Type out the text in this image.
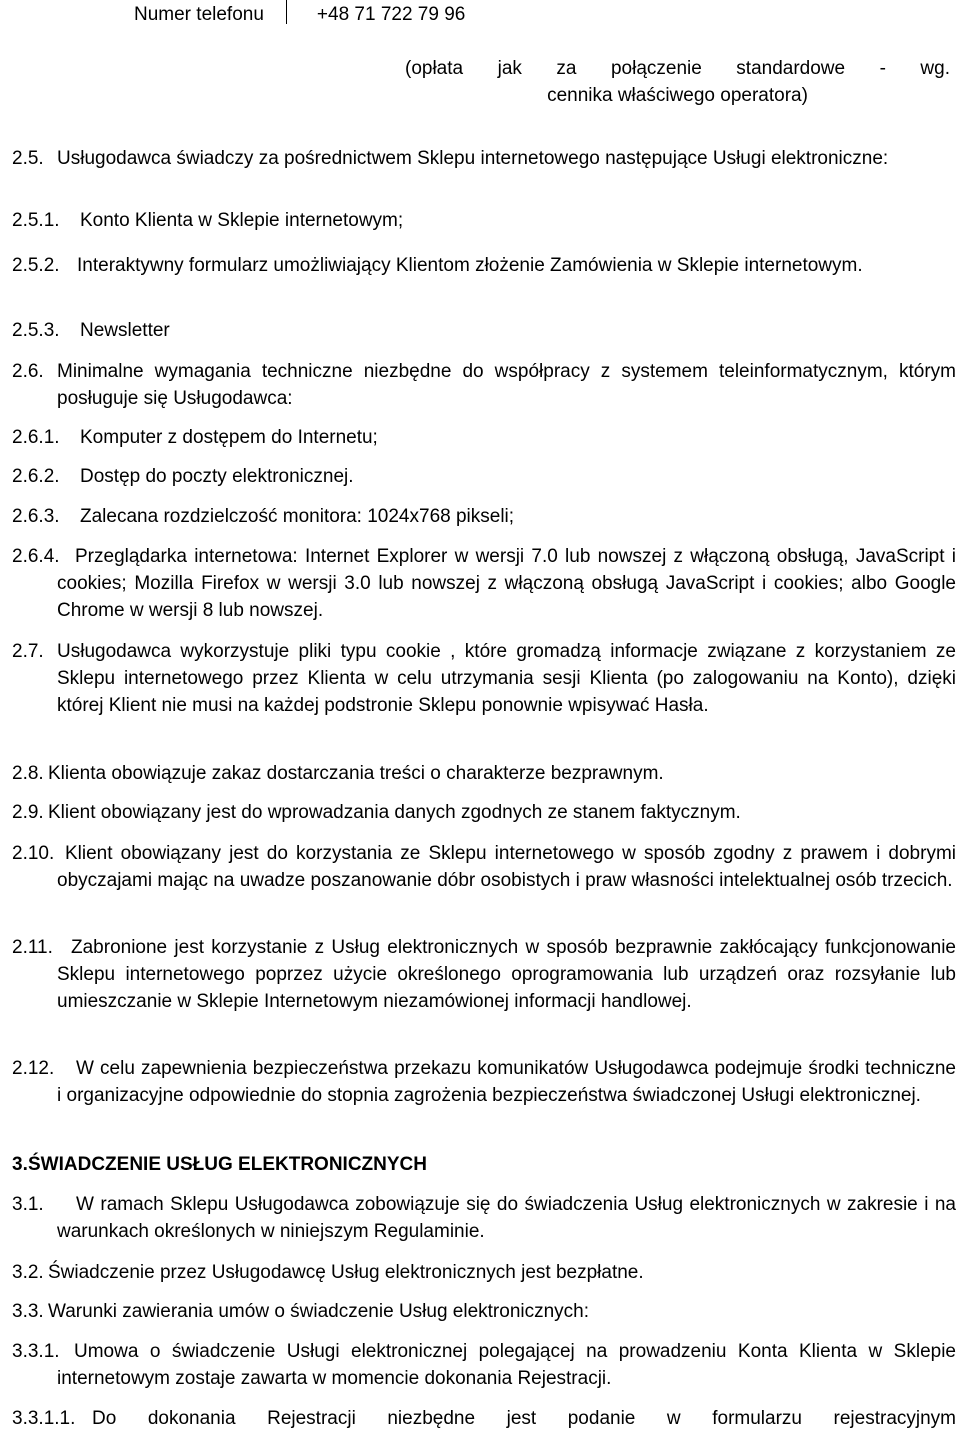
Numer telefonu	+48 71 722 79 96
(opłata jak za połączenie standardowe - wg.
cennika właściwego operatora)
2.5. Usługodawca świadczy za pośrednictwem Sklepu internetowego następujące Usługi elektroniczne:
2.5.1. Konto Klienta w Sklepie internetowym;
2.5.2. Interaktywny formularz umożliwiający Klientom złożenie Zamówienia w Sklepie internetowym.
2.5.3. Newsletter
2.6. Minimalne wymagania techniczne niezbędne do współpracy z systemem teleinformatycznym, którym posługuje się Usługodawca:
2.6.1. Komputer z dostępem do Internetu;
2.6.2. Dostęp do poczty elektronicznej.
2.6.3. Zalecana rozdzielczość monitora: 1024x768 pikseli;
2.6.4. Przeglądarka internetowa: Internet Explorer w wersji 7.0 lub nowszej z włączoną obsługą, JavaScript i cookies; Mozilla Firefox w wersji 3.0 lub nowszej z włączoną obsługą JavaScript i cookies; albo Google Chrome w wersji 8 lub nowszej.
2.7. Usługodawca wykorzystuje pliki typu cookie , które gromadzą informacje związane z korzystaniem ze Sklepu internetowego przez Klienta w celu utrzymania sesji Klienta (po zalogowaniu na Konto), dzięki której Klient nie musi na każdej podstronie Sklepu ponownie wpisywać Hasła.
2.8. Klienta obowiązuje zakaz dostarczania treści o charakterze bezprawnym.
2.9. Klient obowiązany jest do wprowadzania danych zgodnych ze stanem faktycznym.
2.10. Klient obowiązany jest do korzystania ze Sklepu internetowego w sposób zgodny z prawem i dobrymi obyczajami mając na uwadze poszanowanie dóbr osobistych i praw własności intelektualnej osób trzecich.
2.11. Zabronione jest korzystanie z Usług elektronicznych w sposób bezprawnie zakłócający funkcjonowanie Sklepu internetowego poprzez użycie określonego oprogramowania lub urządzeń oraz rozsyłanie lub umieszczanie w Sklepie Internetowym niezamówionej informacji handlowej.
2.12.	W celu zapewnienia bezpieczeństwa przekazu komunikatów Usługodawca podejmuje środki techniczne i organizacyjne odpowiednie do stopnia zagrożenia bezpieczeństwa świadczonej Usługi elektronicznej.
3. ŚWIADCZENIE USŁUG ELEKTRONICZNYCH
3.1.	W ramach Sklepu Usługodawca zobowiązuje się do świadczenia Usług elektronicznych w zakresie i na warunkach określonych w niniejszym Regulaminie.
3.2. Świadczenie przez Usługodawcę Usług elektronicznych jest bezpłatne.
3.3. Warunki zawierania umów o świadczenie Usług elektronicznych:
3.3.1. Umowa o świadczenie Usługi elektronicznej polegającej na prowadzeniu Konta Klienta w Sklepie internetowym zostaje zawarta w momencie dokonania Rejestracji.
3.3.1.1. Do dokonania Rejestracji niezbędne jest podanie w formularzu rejestracyjnym
